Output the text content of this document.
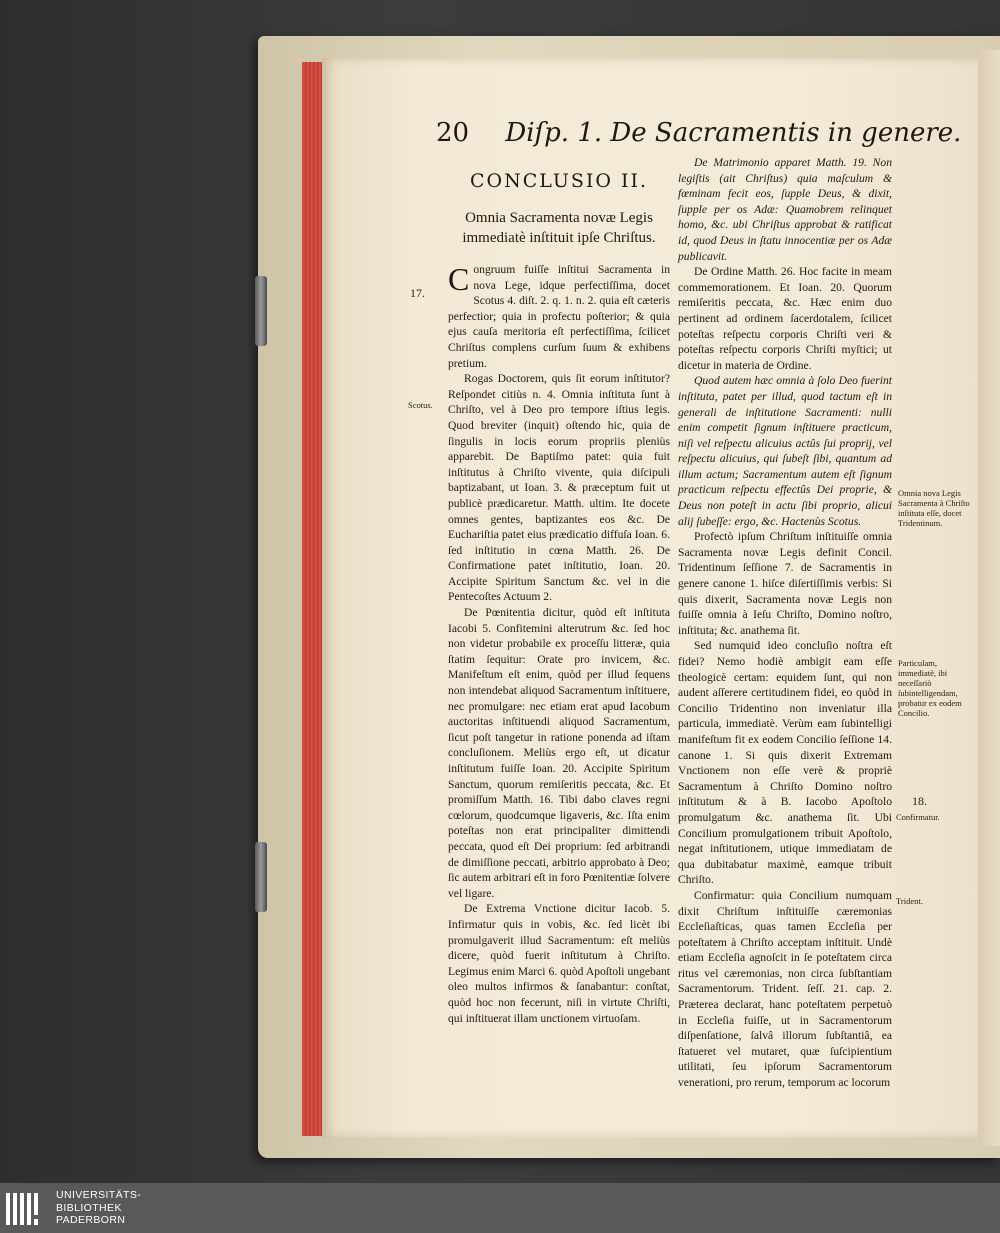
20 Diſp. 1. De Sacramentis in genere.
CONCLUSIO II.
Omnia Sacramenta novæ Legis immediatè inſtituit ipſe Chriſtus.

Congruum fuiſſe inſtitui Sacramenta in nova Lege, idque perfectiſſima, docet Scotus 4. diſt. 2. q. 1. n. 2. quia eſt cæteris perfectior; quia in profectu poſterior; & quia ejus cauſa meritoria eſt perfectiſſima, ſcilicet Chriſtus complens curſum ſuum & exhibens pretium.

Rogas Doctorem, quis ſit eorum inſtitutor? Reſpondet citiùs n. 4. Omnia inſtituta ſunt à Chriſto, vel à Deo pro tempore iſtius legis. Quod breviter (inquit) oſtendo hic, quia de ſingulis in locis eorum propriis pleniùs apparebit. De Baptiſmo patet: quia fuit inſtitutus à Chriſto vivente, quia diſcipuli baptizabant, ut Ioan. 3. & præceptum fuit ut publicè prædicaretur. Matth. ultim. Ite docete omnes gentes, baptizantes eos &c. De Euchariſtia patet eius prædicatio diffuſa Ioan. 6. ſed inſtitutio in cœna Matth. 26. De Confirmatione patet inſtitutio, Ioan. 20. Accipite Spiritum Sanctum &c. vel in die Pentecoſtes Actuum 2.

De Pœnitentia dicitur, quòd eſt inſtituta Iacobi 5. Confitemini alterutrum &c. ſed hoc non videtur probabile ex proceſſu litteræ, quia ſtatim ſequitur: Orate pro invicem, &c. Manifeſtum eſt enim, quòd per illud ſequens non intendebat aliquod Sacramentum inſtituere, nec promulgare: nec etiam erat apud Iacobum auctoritas inſtituendi aliquod Sacramentum, ſicut poſt tangetur in ratione ponenda ad iſtam concluſionem. Meliùs ergo eſt, ut dicatur inſtitutum fuiſſe Ioan. 20. Accipite Spiritum Sanctum, quorum remiſeritis peccata, &c. Et promiſſum Matth. 16. Tibi dabo claves regni cœlorum, quodcumque ligaveris, &c. Iſta enim poteſtas non erat principaliter dimittendi peccata, quod eſt Dei proprium: ſed arbitrandi de dimiſſione peccati, arbitrio approbato à Deo; ſic autem arbitrari eſt in foro Pœnitentiæ ſolvere vel ligare.

De Extrema Vnctione dicitur Iacob. 5. Infirmatur quis in vobis, &c. ſed licèt ibi promulgaverit illud Sacramentum: eſt meliùs dicere, quòd fuerit inſtitutum à Chriſto. Legimus enim Marci 6. quòd Apoſtoli ungebant oleo multos infirmos & ſanabantur: conſtat, quòd hoc non fecerunt, niſi in virtute Chriſti, qui inſtituerat illam unctionem virtuoſam.

De Matrimonio apparet Matth. 19. Non legiſtis (ait Chriſtus) quia maſculum & fœminam fecit eos, ſupple Deus, & dixit, ſupple per os Adæ: Quamobrem relinquet homo, &c. ubi Chriſtus approbat & ratificat id, quod Deus in ſtatu innocentiæ per os Adæ publicavit.

De Ordine Matth. 26. Hoc facite in meam commemorationem. Et Ioan. 20. Quorum remiſeritis peccata, &c. Hæc enim duo pertinent ad ordinem ſacerdotalem, ſcilicet poteſtas reſpectu corporis Chriſti veri & poteſtas reſpectu corporis Chriſti myſtici; ut dicetur in materia de Ordine.

Quod autem hæc omnia à ſolo Deo fuerint inſtituta, patet per illud, quod tactum eſt in generali de inſtitutione Sacramenti: nulli enim competit ſignum inſtituere practicum, niſi vel reſpectu alicuius actûs ſui proprij, vel reſpectu alicuius, qui ſubeſt ſibi, quantum ad illum actum; Sacramentum autem eſt ſignum practicum reſpectu effectûs Dei proprie, & Deus non poteſt in actu ſibi proprio, alicui alij ſubeſſe: ergo, &c. Hactenùs Scotus.

Profectò ipſum Chriſtum inſtituiſſe omnia Sacramenta novæ Legis definit Concil. Tridentinum ſeſſione 7. de Sacramentis in genere canone 1. hiſce diſertiſſimis verbis: Si quis dixerit, Sacramenta novæ Legis non fuiſſe omnia à Ieſu Chriſto, Domino noſtro, inſtituta; &c. anathema ſit.

Sed numquid ideo concluſio noſtra eſt fidei? Nemo hodiè ambigit eam eſſe theologicè certam: equidem ſunt, qui non audent aſſerere certitudinem fidei, eo quòd in Concilio Tridentino non inveniatur illa particula, immediatè. Verùm eam ſubintelligi manifeſtum fit ex eodem Concilio ſeſſione 14. canone 1. Si quis dixerit Extremam Vnctionem non eſſe verè & propriè Sacramentum à Chriſto Domino noſtro inſtitutum & à B. Iacobo Apoſtolo promulgatum &c. anathema ſit. Ubi Concilium promulgationem tribuit Apoſtolo, negat inſtitutionem, utique immediatam de qua dubitabatur maximè, eamque tribuit Chriſto.

Confirmatur: quia Concilium numquam dixit Chriſtum inſtituiſſe cæremonias Eccleſiaſticas, quas tamen Eccleſia per poteſtatem à Chriſto acceptam inſtituit. Undè etiam Eccleſia agnoſcit in ſe poteſtatem circa ritus vel cæremonias, non circa ſubſtantiam Sacramentorum. Trident. ſeſſ. 21. cap. 2. Præterea declarat, hanc poteſtatem perpetuò in Eccleſia fuiſſe, ut in Sacramentorum diſpenſatione, ſalvâ illorum ſubſtantiâ, ea ſtatueret vel mutaret, quæ ſuſcipientium utilitati, ſeu ipſorum Sacramentorum venerationi, pro rerum, temporum ac locorum

17.
Scotus.
Omnia nova Legis Sacramenta à Chriſto inſtituta eſſe, docet Tridentinum.
Particulam, immediatè, ibi neceſſariò ſubintelligendam, probatur ex eodem Concilio.
18.
Confirmatur.
Trident.
UNIVERSITÄTS-
BIBLIOTHEK
PADERBORN
